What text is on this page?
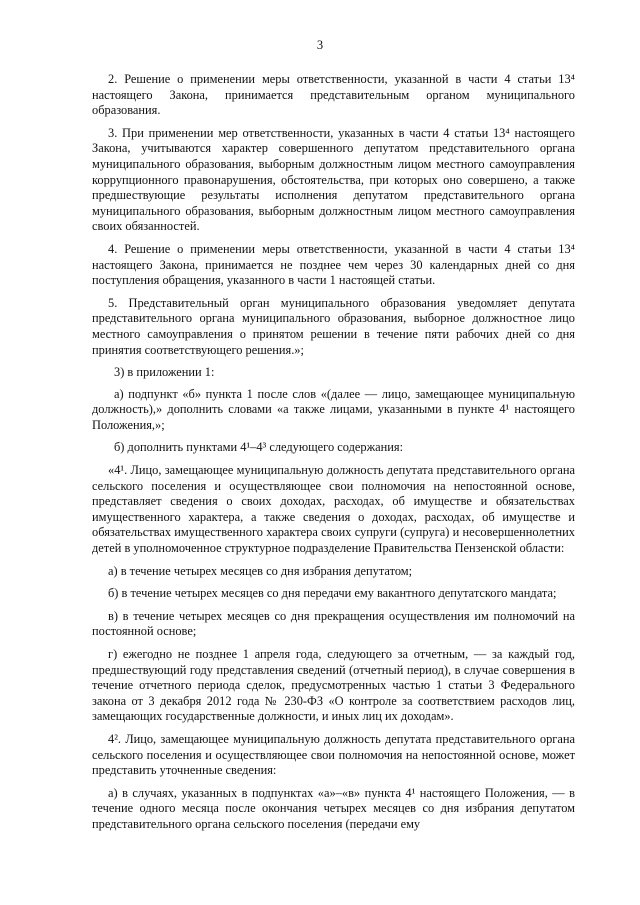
3

2. Решение о применении меры ответственности, указанной в части 4 статьи 13⁴ настоящего Закона, принимается представительным органом муниципального образования.

3. При применении мер ответственности, указанных в части 4 статьи 13⁴ настоящего Закона, учитываются характер совершенного депутатом представительного органа муниципального образования, выборным должностным лицом местного самоуправления коррупционного правонарушения, обстоятельства, при которых оно совершено, а также предшествующие результаты исполнения депутатом представительного органа муниципального образования, выборным должностным лицом местного самоуправления своих обязанностей.

4. Решение о применении меры ответственности, указанной в части 4 статьи 13⁴ настоящего Закона, принимается не позднее чем через 30 календарных дней со дня поступления обращения, указанного в части 1 настоящей статьи.

5. Представительный орган муниципального образования уведомляет депутата представительного органа муниципального образования, выборное должностное лицо местного самоуправления о принятом решении в течение пяти рабочих дней со дня принятия соответствующего решения.»;

3) в приложении 1:

а) подпункт «б» пункта 1 после слов «(далее — лицо, замещающее муниципальную должность),» дополнить словами «а также лицами, указанными в пункте 4¹ настоящего Положения,»;

б) дополнить пунктами 4¹–4³ следующего содержания:

«4¹. Лицо, замещающее муниципальную должность депутата представительного органа сельского поселения и осуществляющее свои полномочия на непостоянной основе, представляет сведения о своих доходах, расходах, об имуществе и обязательствах имущественного характера, а также сведения о доходах, расходах, об имуществе и обязательствах имущественного характера своих супруги (супруга) и несовершеннолетних детей в уполномоченное структурное подразделение Правительства Пензенской области:

а) в течение четырех месяцев со дня избрания депутатом;

б) в течение четырех месяцев со дня передачи ему вакантного депутатского мандата;

в) в течение четырех месяцев со дня прекращения осуществления им полномочий на постоянной основе;

г) ежегодно не позднее 1 апреля года, следующего за отчетным, — за каждый год, предшествующий году представления сведений (отчетный период), в случае совершения в течение отчетного периода сделок, предусмотренных частью 1 статьи 3 Федерального закона от 3 декабря 2012 года № 230-ФЗ «О контроле за соответствием расходов лиц, замещающих государственные должности, и иных лиц их доходам».

4². Лицо, замещающее муниципальную должность депутата представительного органа сельского поселения и осуществляющее свои полномочия на непостоянной основе, может представить уточненные сведения:

а) в случаях, указанных в подпунктах «а»–«в» пункта 4¹ настоящего Положения, — в течение одного месяца после окончания четырех месяцев со дня избрания депутатом представительного органа сельского поселения (передачи ему
